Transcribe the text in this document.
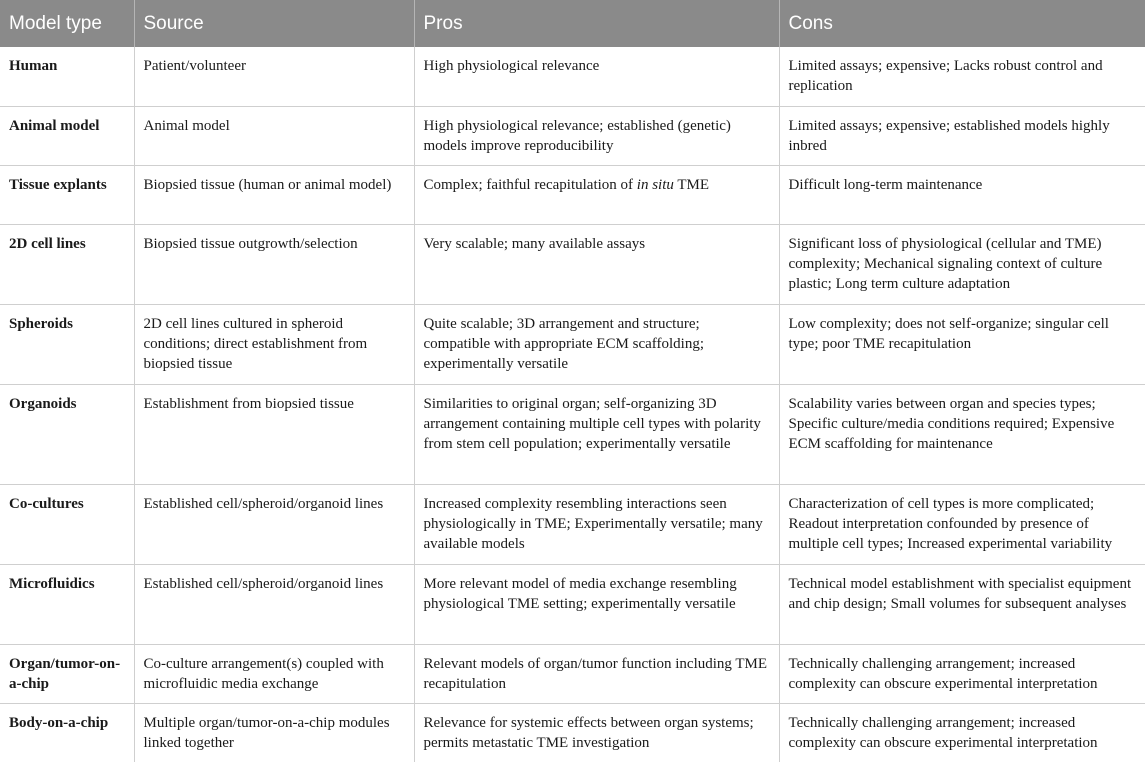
Model type	Source	Pros	Cons
Human	Patient/volunteer	High physiological relevance	Limited assays; expensive; Lacks robust control and replication
Animal model	Animal model	High physiological relevance; established (genetic) models improve reproducibility	Limited assays; expensive; established models highly inbred
Tissue explants	Biopsied tissue (human or animal model)	Complex; faithful recapitulation of in situ TME	Difficult long-term maintenance
2D cell lines	Biopsied tissue outgrowth/selection	Very scalable; many available assays	Significant loss of physiological (cellular and TME) complexity; Mechanical signaling context of culture plastic; Long term culture adaptation
Spheroids	2D cell lines cultured in spheroid conditions; direct establishment from biopsied tissue	Quite scalable; 3D arrangement and structure; compatible with appropriate ECM scaffolding; experimentally versatile	Low complexity; does not self-organize; singular cell type; poor TME recapitulation
Organoids	Establishment from biopsied tissue	Similarities to original organ; self-organizing 3D arrangement containing multiple cell types with polarity from stem cell population; experimentally versatile	Scalability varies between organ and species types; Specific culture/media conditions required; Expensive ECM scaffolding for maintenance
Co-cultures	Established cell/spheroid/organoid lines	Increased complexity resembling interactions seen physiologically in TME; Experimentally versatile; many available models	Characterization of cell types is more complicated; Readout interpretation confounded by presence of multiple cell types; Increased experimental variability
Microfluidics	Established cell/spheroid/organoid lines	More relevant model of media exchange resembling physiological TME setting; experimentally versatile	Technical model establishment with specialist equipment and chip design; Small volumes for subsequent analyses
Organ/tumor-on-a-chip	Co-culture arrangement(s) coupled with microfluidic media exchange	Relevant models of organ/tumor function including TME recapitulation	Technically challenging arrangement; increased complexity can obscure experimental interpretation
Body-on-a-chip	Multiple organ/tumor-on-a-chip modules linked together	Relevance for systemic effects between organ systems; permits metastatic TME investigation	Technically challenging arrangement; increased complexity can obscure experimental interpretation
